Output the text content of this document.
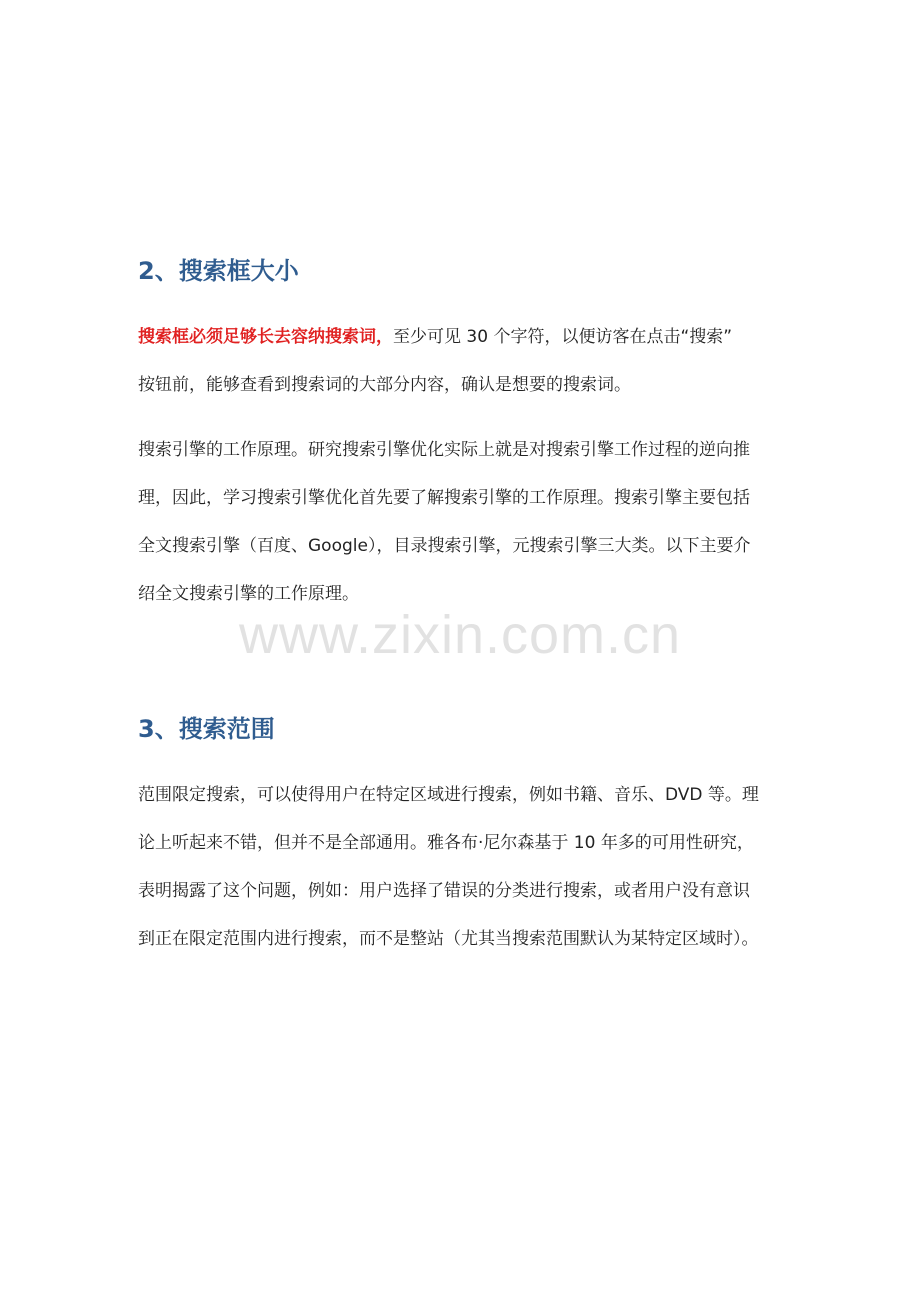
2、搜索框大小
搜索框必须足够长去容纳搜索词，至少可见 30 个字符，以便访客在点击“搜索”
按钮前，能够查看到搜索词的大部分内容，确认是想要的搜索词。
搜索引擎的工作原理。研究搜索引擎优化实际上就是对搜索引擎工作过程的逆向推
理，因此，学习搜索引擎优化首先要了解搜索引擎的工作原理。搜索引擎主要包括
全文搜索引擎（百度、Google），目录搜索引擎，元搜索引擎三大类。以下主要介
绍全文搜索引擎的工作原理。
www.zixin.com.cn
3、搜索范围
范围限定搜索，可以使得用户在特定区域进行搜索，例如书籍、音乐、DVD 等。理
论上听起来不错，但并不是全部通用。雅各布·尼尔森基于 10 年多的可用性研究，
表明揭露了这个问题，例如：用户选择了错误的分类进行搜索，或者用户没有意识
到正在限定范围内进行搜索，而不是整站（尤其当搜索范围默认为某特定区域时）。
